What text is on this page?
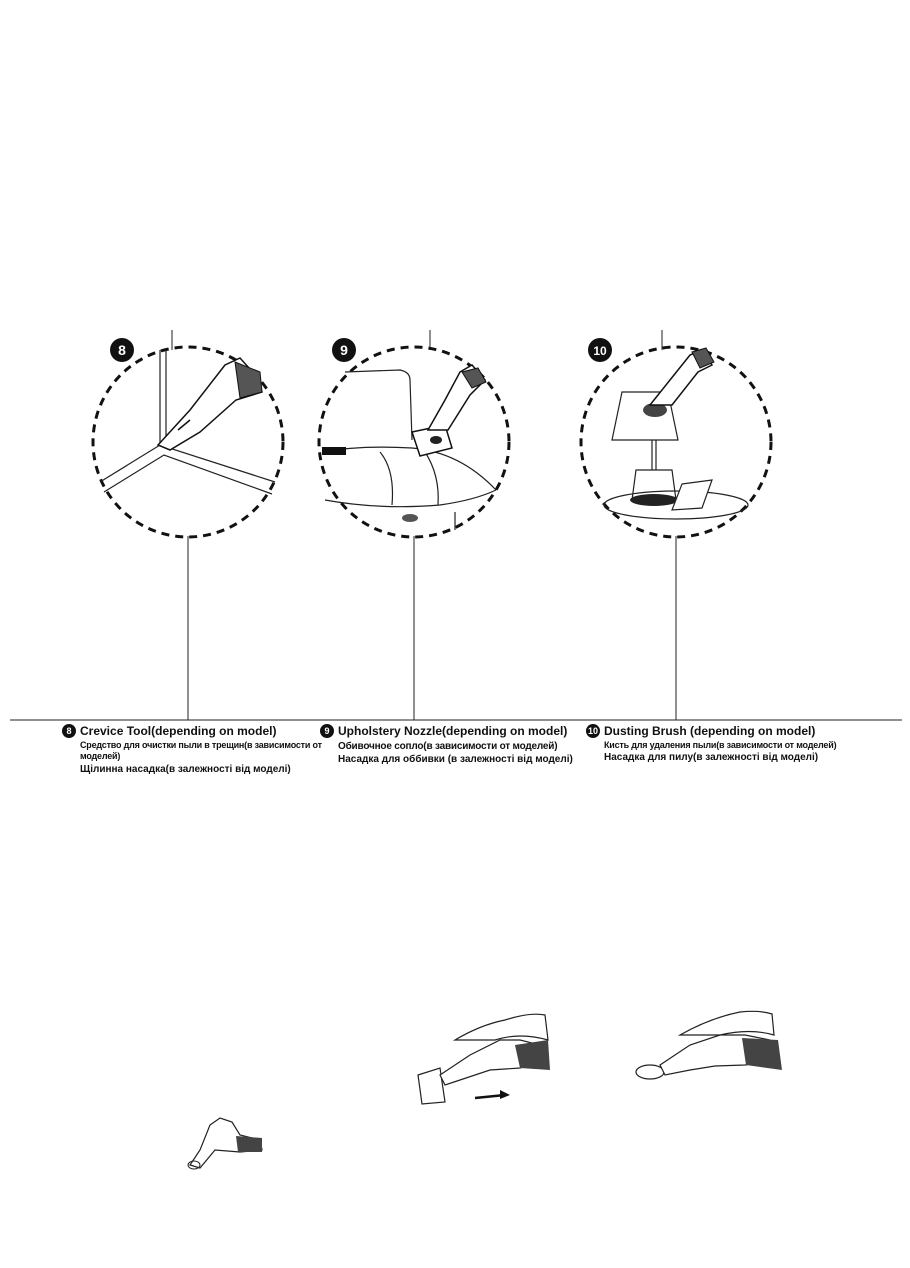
8	9	10
8 Crevice Tool(depending on model)
Средство для очистки пыли в трещин(в зависимости от моделей)
Щілинна насадка(в залежності від моделі)
9 Upholstery Nozzle(depending on model)
Обивочное сопло(в зависимости от моделей)
Насадка для оббивки (в залежності від моделі)
10 Dusting Brush (depending on model)
Кисть для удаления пыли(в зависимости от моделей)
Насадка для пилу(в залежності від моделі)
